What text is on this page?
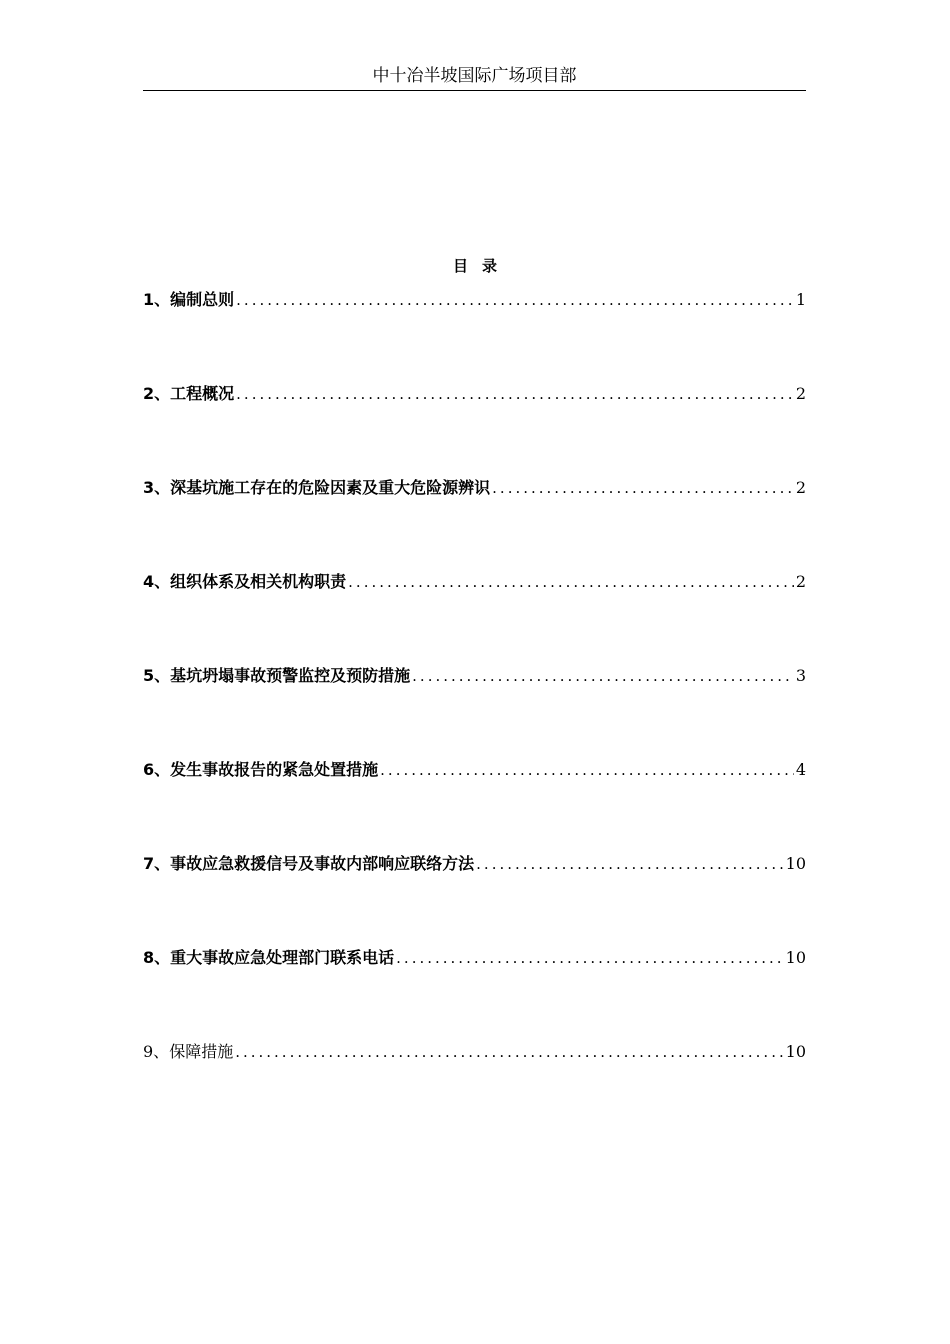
中十冶半坡国际广场项目部
目录
1、编制总则 .....	1
2、工程概况 .....	2
3、深基坑施工存在的危险因素及重大危险源辨识 .....	2
4、组织体系及相关机构职责 .....	2
5、基坑坍塌事故预警监控及预防措施 .....	3
6、发生事故报告的紧急处置措施 .....	4
7、事故应急救援信号及事故内部响应联络方法 .....	10
8、重大事故应急处理部门联系电话 .....	10
9、保障措施 .....	10
